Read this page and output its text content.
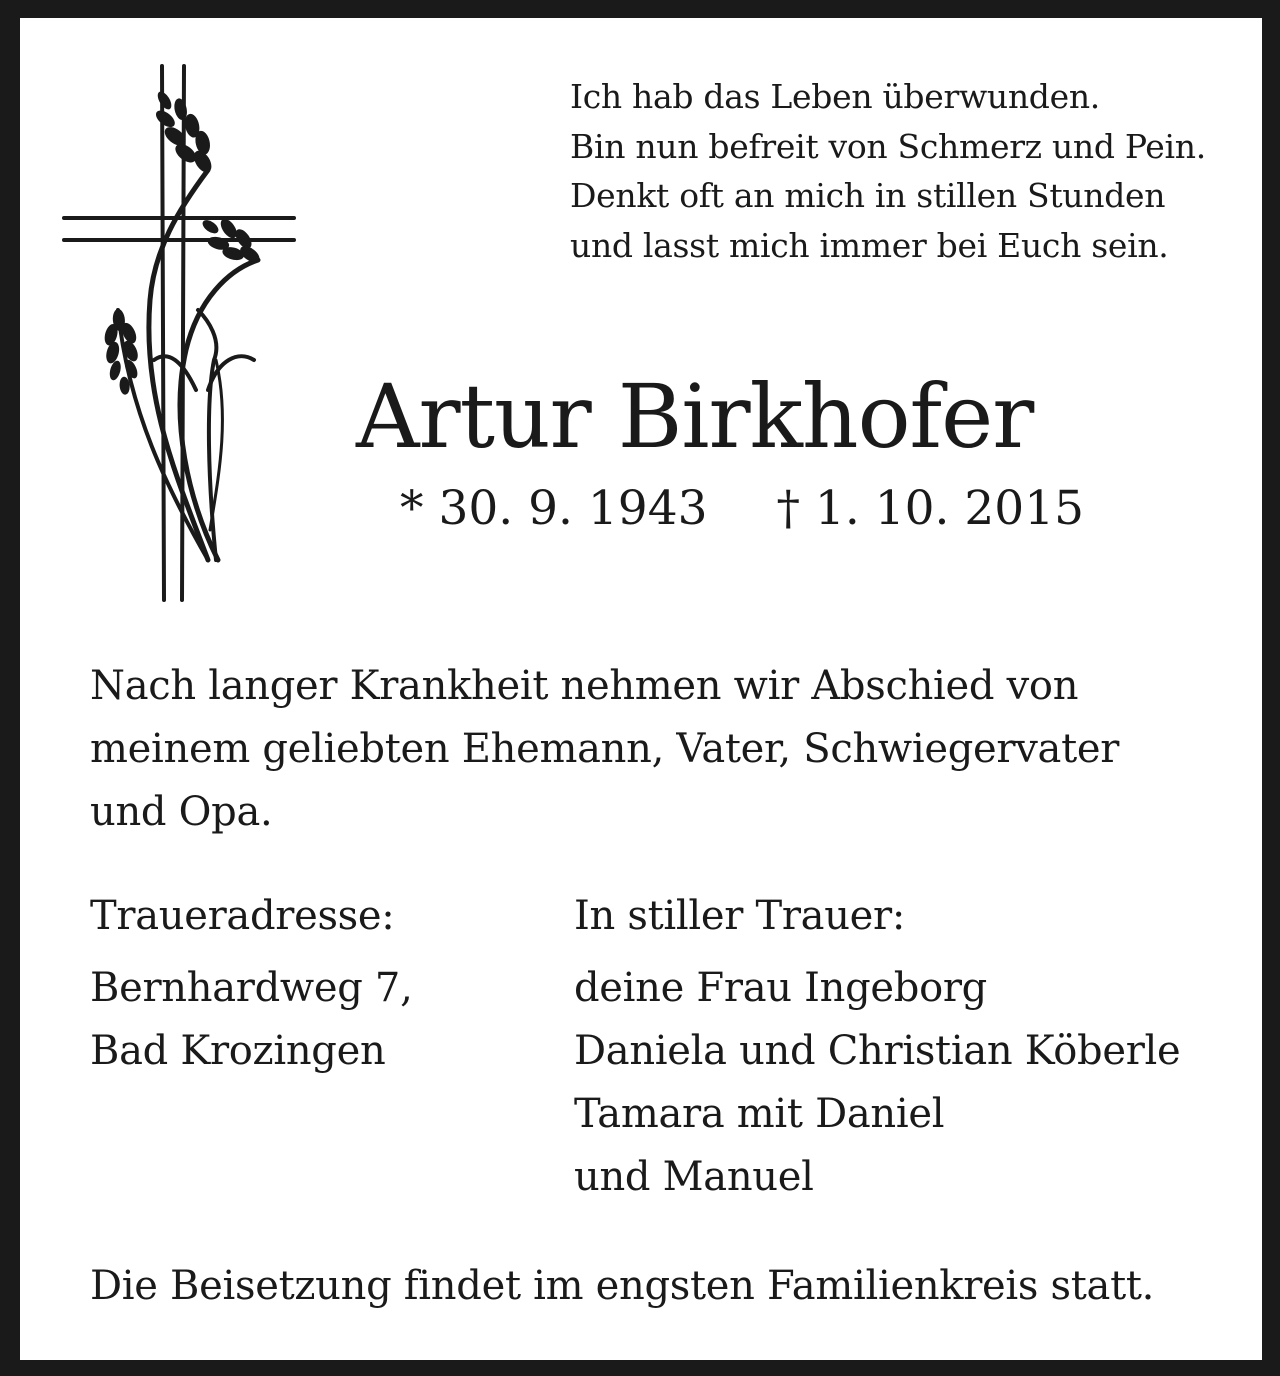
Ich hab das Leben überwunden.
Bin nun befreit von Schmerz und Pein.
Denkt oft an mich in stillen Stunden
und lasst mich immer bei Euch sein.
Artur Birkhofer
* 30. 9. 1943 † 1. 10. 2015
Nach langer Krankheit nehmen wir Abschied von
meinem geliebten Ehemann, Vater, Schwiegervater
und Opa.
Traueradresse:
Bernhardweg 7,
Bad Krozingen
In stiller Trauer:
deine Frau Ingeborg
Daniela und Christian Köberle
Tamara mit Daniel
und Manuel
Die Beisetzung findet im engsten Familienkreis statt.
